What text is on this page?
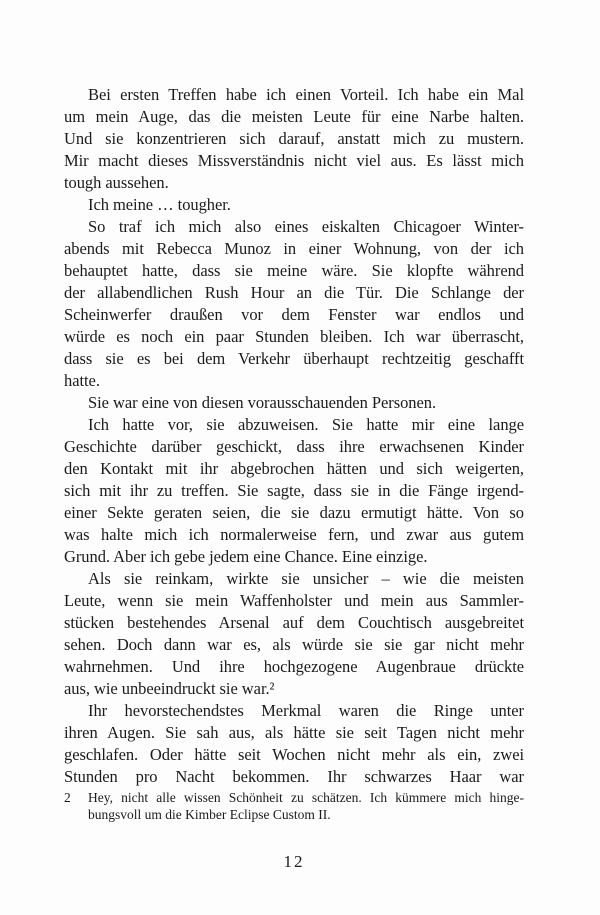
Bei ersten Treffen habe ich einen Vorteil. Ich habe ein Mal
um mein Auge, das die meisten Leute für eine Narbe halten.
Und sie konzentrieren sich darauf, anstatt mich zu mustern.
Mir macht dieses Missverständnis nicht viel aus. Es lässt mich
tough aussehen.
Ich meine … tougher.
So traf ich mich also eines eiskalten Chicagoer Winter-
abends mit Rebecca Munoz in einer Wohnung, von der ich
behauptet hatte, dass sie meine wäre. Sie klopfte während
der allabendlichen Rush Hour an die Tür. Die Schlange der
Scheinwerfer draußen vor dem Fenster war endlos und
würde es noch ein paar Stunden bleiben. Ich war überrascht,
dass sie es bei dem Verkehr überhaupt rechtzeitig geschafft
hatte.
Sie war eine von diesen vorausschauenden Personen.
Ich hatte vor, sie abzuweisen. Sie hatte mir eine lange
Geschichte darüber geschickt, dass ihre erwachsenen Kinder
den Kontakt mit ihr abgebrochen hätten und sich weigerten,
sich mit ihr zu treffen. Sie sagte, dass sie in die Fänge irgend-
einer Sekte geraten seien, die sie dazu ermutigt hätte. Von so
was halte mich ich normalerweise fern, und zwar aus gutem
Grund. Aber ich gebe jedem eine Chance. Eine einzige.
Als sie reinkam, wirkte sie unsicher – wie die meisten
Leute, wenn sie mein Waffenholster und mein aus Sammler-
stücken bestehendes Arsenal auf dem Couchtisch ausgebreitet
sehen. Doch dann war es, als würde sie sie gar nicht mehr
wahrnehmen. Und ihre hochgezogene Augenbraue drückte
aus, wie unbeeindruckt sie war.²
Ihr hevorstechendstes Merkmal waren die Ringe unter
ihren Augen. Sie sah aus, als hätte sie seit Tagen nicht mehr
geschlafen. Oder hätte seit Wochen nicht mehr als ein, zwei
Stunden pro Nacht bekommen. Ihr schwarzes Haar war
2 Hey, nicht alle wissen Schönheit zu schätzen. Ich kümmere mich hinge-
bungsvoll um die Kimber Eclipse Custom II.
12
